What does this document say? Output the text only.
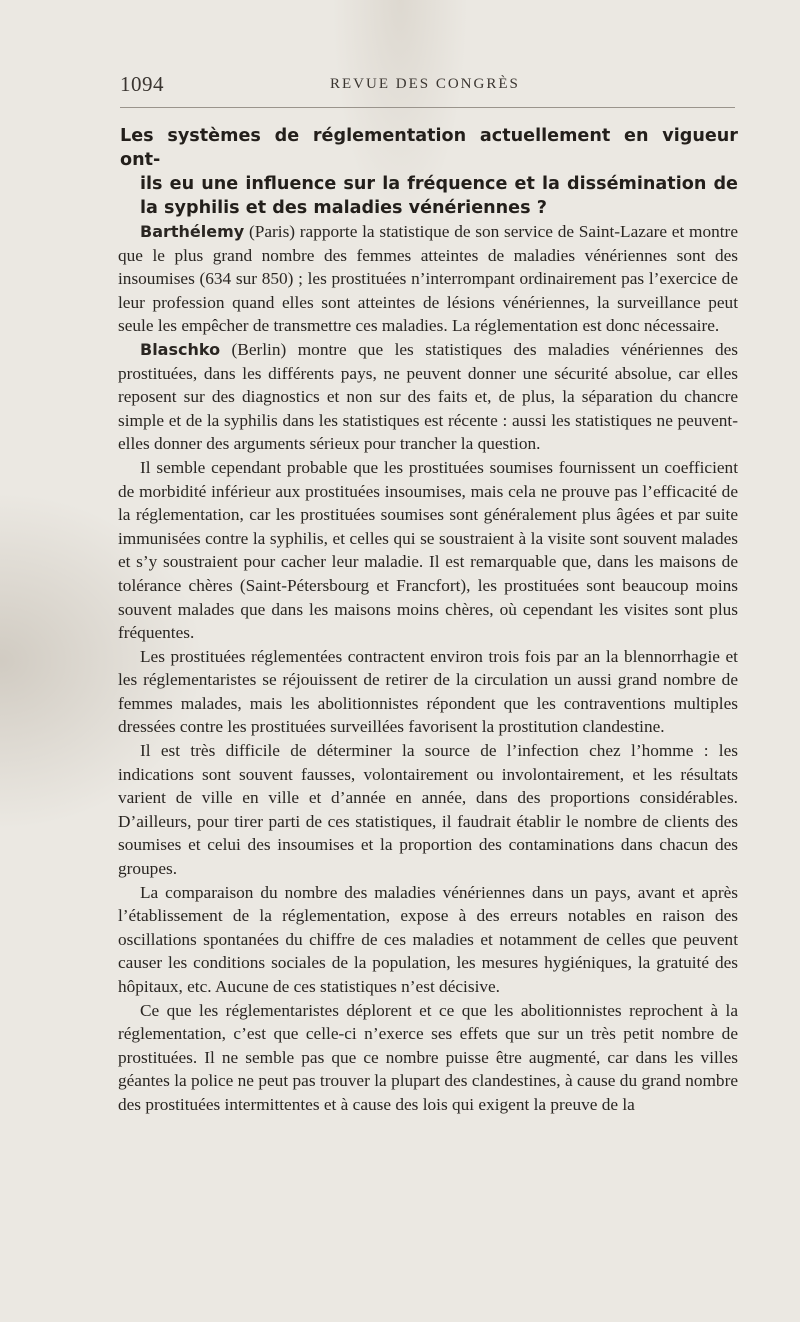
1094	REVUE DES CONGRÈS
Les systèmes de réglementation actuellement en vigueur ont-
ils eu une influence sur la fréquence et la dissémination de la syphilis et des maladies vénériennes ?

Barthélemy (Paris) rapporte la statistique de son service de Saint-Lazare et montre que le plus grand nombre des femmes atteintes de maladies vénériennes sont des insoumises (634 sur 850) ; les prostituées n’interrompant ordinairement pas l’exercice de leur profession quand elles sont atteintes de lésions vénériennes, la surveillance peut seule les empêcher de transmettre ces maladies. La réglementation est donc nécessaire.

Blaschko (Berlin) montre que les statistiques des maladies vénériennes des prostituées, dans les différents pays, ne peuvent donner une sécurité absolue, car elles reposent sur des diagnostics et non sur des faits et, de plus, la séparation du chancre simple et de la syphilis dans les statistiques est récente : aussi les statistiques ne peuvent-elles donner des arguments sérieux pour trancher la question.

Il semble cependant probable que les prostituées soumises fournissent un coefficient de morbidité inférieur aux prostituées insoumises, mais cela ne prouve pas l’efficacité de la réglementation, car les prostituées soumises sont généralement plus âgées et par suite immunisées contre la syphilis, et celles qui se soustraient à la visite sont souvent malades et s’y soustraient pour cacher leur maladie. Il est remarquable que, dans les maisons de tolérance chères (Saint-Pétersbourg et Francfort), les prostituées sont beaucoup moins souvent malades que dans les maisons moins chères, où cependant les visites sont plus fréquentes.

Les prostituées réglementées contractent environ trois fois par an la blennorrhagie et les réglementaristes se réjouissent de retirer de la circulation un aussi grand nombre de femmes malades, mais les abolitionnistes répondent que les contraventions multiples dressées contre les prostituées surveillées favorisent la prostitution clandestine.

Il est très difficile de déterminer la source de l’infection chez l’homme : les indications sont souvent fausses, volontairement ou involontairement, et les résultats varient de ville en ville et d’année en année, dans des proportions considérables. D’ailleurs, pour tirer parti de ces statistiques, il faudrait établir le nombre de clients des soumises et celui des insoumises et la proportion des contaminations dans chacun des groupes.

La comparaison du nombre des maladies vénériennes dans un pays, avant et après l’établissement de la réglementation, expose à des erreurs notables en raison des oscillations spontanées du chiffre de ces maladies et notamment de celles que peuvent causer les conditions sociales de la population, les mesures hygiéniques, la gratuité des hôpitaux, etc. Aucune de ces statistiques n’est décisive.

Ce que les réglementaristes déplorent et ce que les abolitionnistes reprochent à la réglementation, c’est que celle-ci n’exerce ses effets que sur un très petit nombre de prostituées. Il ne semble pas que ce nombre puisse être augmenté, car dans les villes géantes la police ne peut pas trouver la plupart des clandestines, à cause du grand nombre des prostituées intermittentes et à cause des lois qui exigent la preuve de la
